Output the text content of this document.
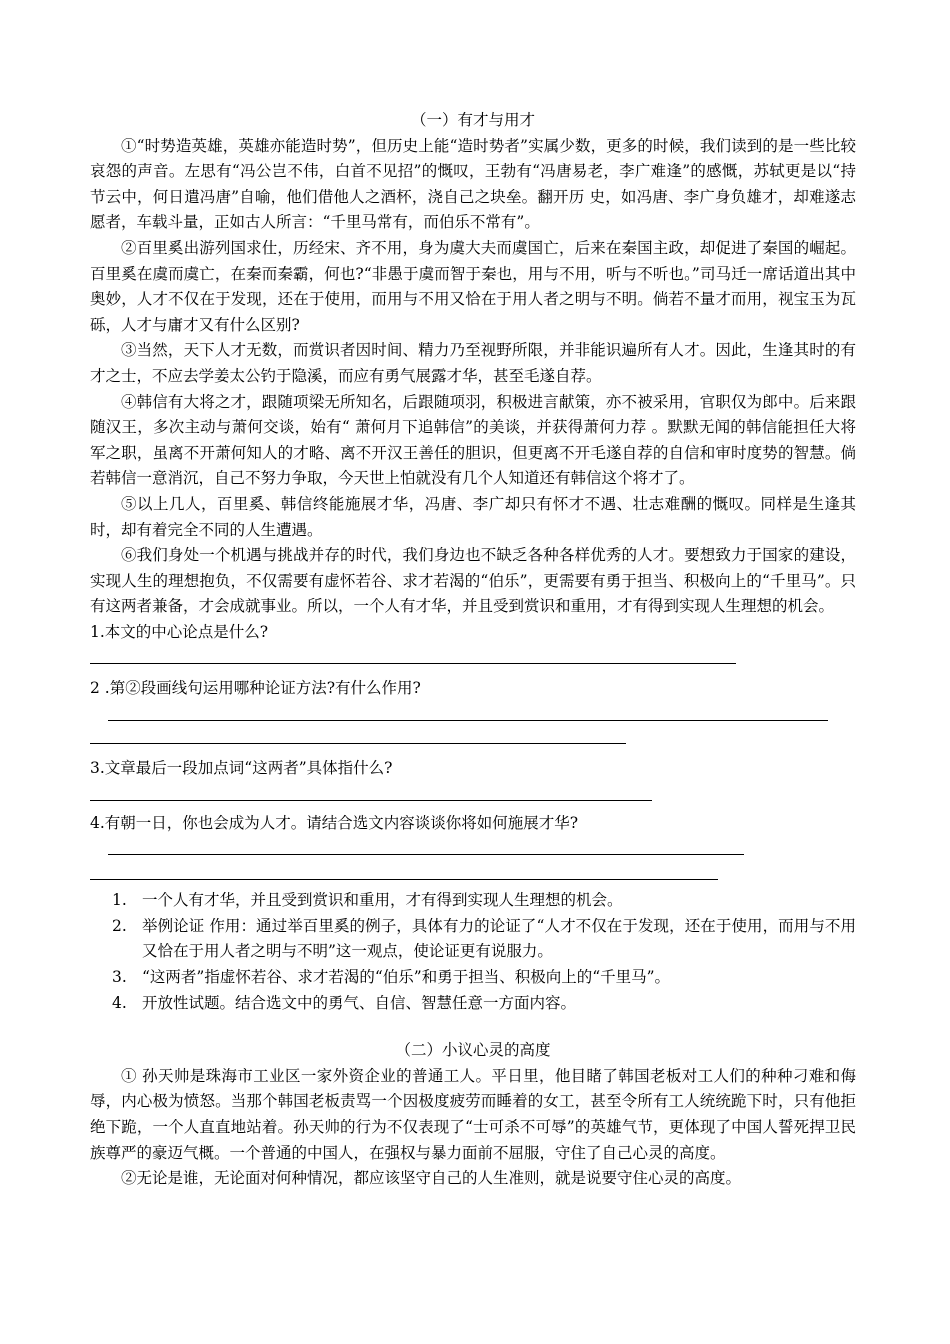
（一）有才与用才

①“时势造英雄，英雄亦能造时势”，但历史上能“造时势者”实属少数，更多的时候，我们读到的是一些比较哀怨的声音。左思有“冯公岂不伟，白首不见招”的慨叹，王勃有“冯唐易老，李广难逢”的感慨，苏轼更是以“持节云中，何日遣冯唐”自喻，他们借他人之酒杯，浇自己之块垒。翻开历 史，如冯唐、李广身负雄才，却难遂志愿者，车载斗量，正如古人所言：“千里马常有，而伯乐不常有”。

②百里奚出游列国求仕，历经宋、齐不用，身为虞大夫而虞国亡，后来在秦国主政，却促进了秦国的崛起。百里奚在虞而虞亡，在秦而秦霸，何也?“非愚于虞而智于秦也，用与不用，听与不听也。”司马迁一席话道出其中奥妙，人才不仅在于发现，还在于使用，而用与不用又恰在于用人者之明与不明。倘若不量才而用，视宝玉为瓦砾，人才与庸才又有什么区别?

③当然，天下人才无数，而赏识者因时间、精力乃至视野所限，并非能识遍所有人才。因此，生逢其时的有才之士，不应去学姜太公钓于隐溪，而应有勇气展露才华，甚至毛遂自荐。

④韩信有大将之才，跟随项梁无所知名，后跟随项羽，积极进言献策，亦不被采用，官职仅为郎中。后来跟随汉王，多次主动与萧何交谈，始有“ 萧何月下追韩信”的美谈，并获得萧何力荐 。默默无闻的韩信能担任大将军之职，虽离不开萧何知人的才略、离不开汉王善任的胆识，但更离不开毛遂自荐的自信和审时度势的智慧。倘若韩信一意消沉，自己不努力争取，今天世上怕就没有几个人知道还有韩信这个将才了。

⑤以上几人，百里奚、韩信终能施展才华，冯唐、李广却只有怀才不遇、壮志难酬的慨叹。同样是生逢其时，却有着完全不同的人生遭遇。

⑥我们身处一个机遇与挑战并存的时代，我们身边也不缺乏各种各样优秀的人才。要想致力于国家的建设，实现人生的理想抱负，不仅需要有虚怀若谷、求才若渴的“伯乐”，更需要有勇于担当、积极向上的“千里马”。只有这两者兼备，才会成就事业。所以，一个人有才华，并且受到赏识和重用，才有得到实现人生理想的机会。

1.本文的中心论点是什么?

2 .第②段画线句运用哪种论证方法?有什么作用?

3.文章最后一段加点词“这两者”具体指什么?

4.有朝一日，你也会成为人才。请结合选文内容谈谈你将如何施展才华?

1. 一个人有才华，并且受到赏识和重用，才有得到实现人生理想的机会。
2. 举例论证 作用：通过举百里奚的例子，具体有力的论证了“人才不仅在于发现，还在于使用，而用与不用又恰在于用人者之明与不明”这一观点，使论证更有说服力。
3. “这两者”指虚怀若谷、求才若渴的“伯乐”和勇于担当、积极向上的“千里马”。
4. 开放性试题。结合选文中的勇气、自信、智慧任意一方面内容。

（二）小议心灵的高度

① 孙天帅是珠海市工业区一家外资企业的普通工人。平日里，他目睹了韩国老板对工人们的种种刁难和侮辱，内心极为愤怒。当那个韩国老板责骂一个因极度疲劳而睡着的女工，甚至令所有工人统统跪下时，只有他拒绝下跪，一个人直直地站着。孙天帅的行为不仅表现了“士可杀不可辱”的英雄气节，更体现了中国人誓死捍卫民族尊严的豪迈气概。一个普通的中国人，在强权与暴力面前不屈服，守住了自己心灵的高度。

②无论是谁，无论面对何种情况，都应该坚守自己的人生准则，就是说要守住心灵的高度。
